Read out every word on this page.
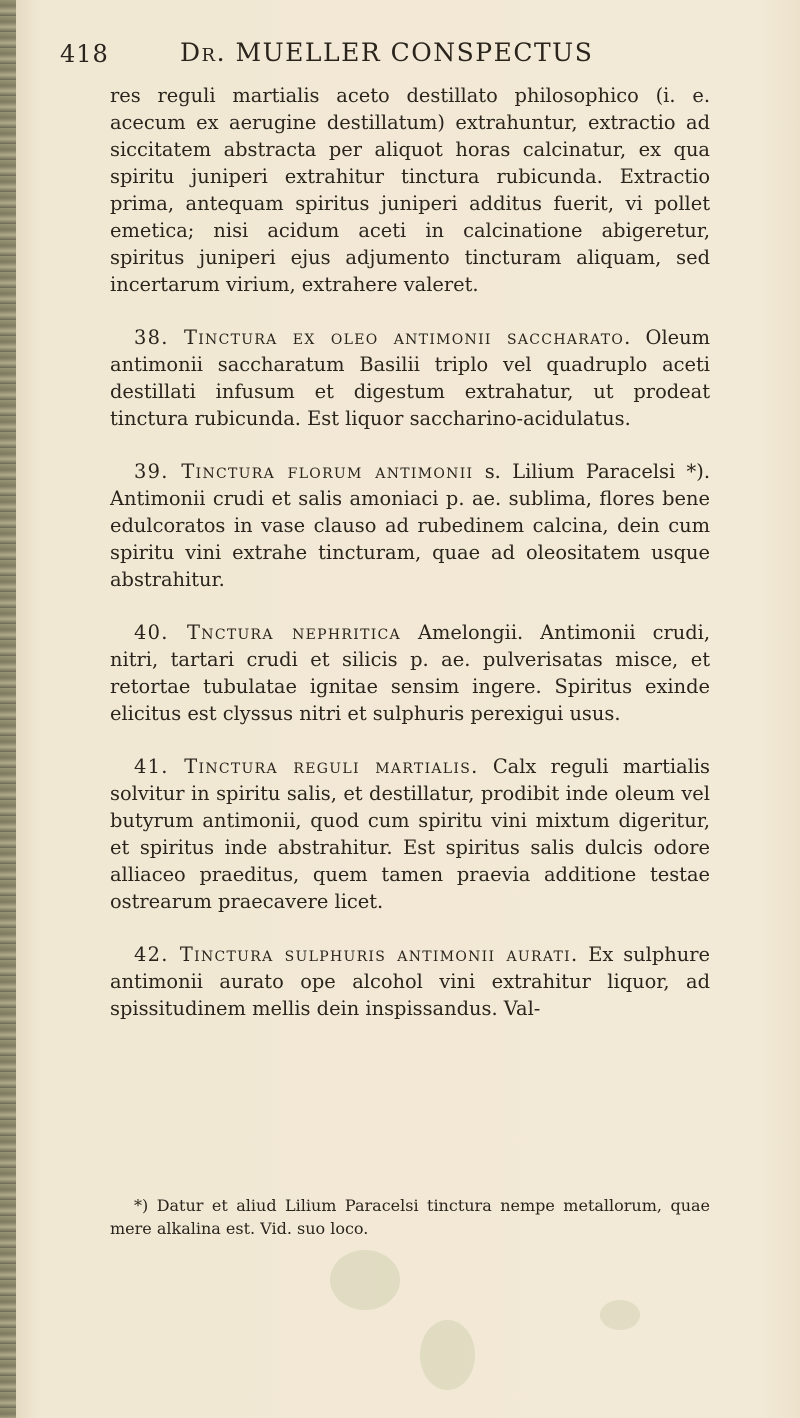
418	Dr. MUELLER CONSPECTUS

res reguli martialis aceto destillato philosophico (i. e. acecum ex aerugine destillatum) extrahuntur, extractio ad siccitatem abstracta per aliquot horas calcinatur, ex qua spiritu juniperi extrahitur tinctura rubicunda. Extractio prima, antequam spiritus juniperi additus fuerit, vi pollet emetica; nisi acidum aceti in calcinatione abigeretur, spiritus juniperi ejus adjumento tincturam aliquam, sed incertarum virium, extrahere valeret.

38. Tinctura ex oleo antimonii saccharato. Oleum antimonii saccharatum Basilii triplo vel quadruplo aceti destillati infusum et digestum extrahatur, ut prodeat tinctura rubicunda. Est liquor saccharino-acidulatus.

39. Tinctura florum antimonii s. Lilium Paracelsi *). Antimonii crudi et salis amoniaci p. ae. sublima, flores bene edulcoratos in vase clauso ad rubedinem calcina, dein cum spiritu vini extrahe tincturam, quae ad oleositatem usque abstrahitur.

40. Tnctura nephritica Amelongii. Antimonii crudi, nitri, tartari crudi et silicis p. ae. pulverisatas misce, et retortae tubulatae ignitae sensim ingere. Spiritus exinde elicitus est clyssus nitri et sulphuris perexigui usus.

41. Tinctura reguli martialis. Calx reguli martialis solvitur in spiritu salis, et destillatur, prodibit inde oleum vel butyrum antimonii, quod cum spiritu vini mixtum digeritur, et spiritus inde abstrahitur. Est spiritus salis dulcis odore alliaceo praeditus, quem tamen praevia additione testae ostrearum praecavere licet.

42. Tinctura sulphuris antimonii aurati. Ex sulphure antimonii aurato ope alcohol vini extrahitur liquor, ad spissitudinem mellis dein inspissandus. Val-

*) Datur et aliud Lilium Paracelsi tinctura nempe metallorum, quae mere alkalina est. Vid. suo loco.
